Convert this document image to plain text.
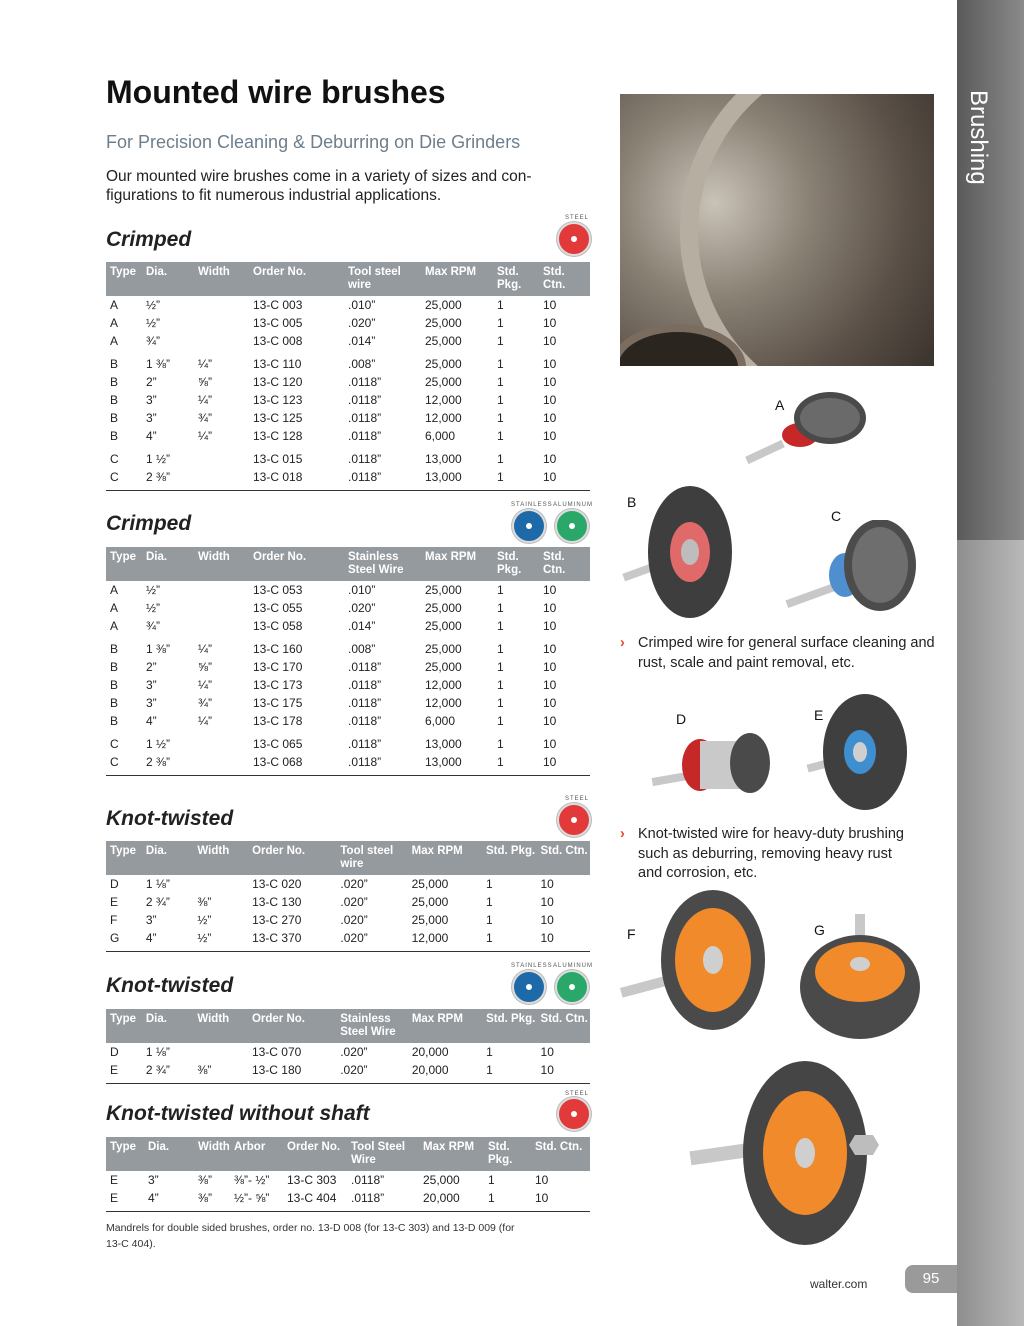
Brushing
Mounted wire brushes
For Precision Cleaning & Deburring on Die Grinders
Our mounted wire brushes come in a variety of sizes and con-figurations to fit numerous industrial applications.
Crimped
STEEL
Type	Dia.	Width	Order No.	Tool steel wire	Max RPM	Std. Pkg.	Std. Ctn.
A	½”		13-C 003	.010”	25,000	1	10
A	½”		13-C 005	.020”	25,000	1	10
A	¾”		13-C 008	.014”	25,000	1	10
B	1 ⅜”	¼”	13-C 110	.008”	25,000	1	10
B	2”	⅝”	13-C 120	.0118”	25,000	1	10
B	3”	¼”	13-C 123	.0118”	12,000	1	10
B	3”	¾”	13-C 125	.0118”	12,000	1	10
B	4”	¼”	13-C 128	.0118”	6,000	1	10
C	1 ½”		13-C 015	.0118”	13,000	1	10
C	2 ⅜”		13-C 018	.0118”	13,000	1	10
Crimped
STAINLESS ALUMINUM
Type	Dia.	Width	Order No.	Stainless Steel Wire	Max RPM	Std. Pkg.	Std. Ctn.
A	½”		13-C 053	.010”	25,000	1	10
A	½”		13-C 055	.020”	25,000	1	10
A	¾”		13-C 058	.014”	25,000	1	10
B	1 ⅜”	¼”	13-C 160	.008”	25,000	1	10
B	2”	⅝”	13-C 170	.0118”	25,000	1	10
B	3”	¼”	13-C 173	.0118”	12,000	1	10
B	3”	¾”	13-C 175	.0118”	12,000	1	10
B	4”	¼”	13-C 178	.0118”	6,000	1	10
C	1 ½”		13-C 065	.0118”	13,000	1	10
C	2 ⅜”		13-C 068	.0118”	13,000	1	10
Knot-twisted
STEEL
Type	Dia.	Width	Order No.	Tool steel wire	Max RPM	Std. Pkg.	Std. Ctn.
D	1 ⅛”		13-C 020	.020”	25,000	1	10
E	2 ¾”	⅜”	13-C 130	.020”	25,000	1	10
F	3”	½”	13-C 270	.020”	25,000	1	10
G	4”	½”	13-C 370	.020”	12,000	1	10
Knot-twisted
STAINLESS ALUMINUM
Type	Dia.	Width	Order No.	Stainless Steel Wire	Max RPM	Std. Pkg.	Std. Ctn.
D	1 ⅛”		13-C 070	.020”	20,000	1	10
E	2 ¾”	⅜”	13-C 180	.020”	20,000	1	10
Knot-twisted without shaft
STEEL
Type	Dia.	Width	Arbor	Order No.	Tool Steel Wire	Max RPM	Std. Pkg.	Std. Ctn.
E	3”	⅜”	⅜”- ½”	13-C 303	.0118”	25,000	1	10
E	4”	⅜”	½”- ⅝”	13-C 404	.0118”	20,000	1	10
Mandrels for double sided brushes, order no. 13-D 008 (for 13-C 303) and 13-D 009 (for 13-C 404).
A
B
C
D	E
F	G
› Crimped wire for general surface cleaning and rust, scale and paint removal, etc.
› Knot-twisted wire for heavy-duty brushing such as deburring, removing heavy rust and corrosion, etc.
walter.com	95
